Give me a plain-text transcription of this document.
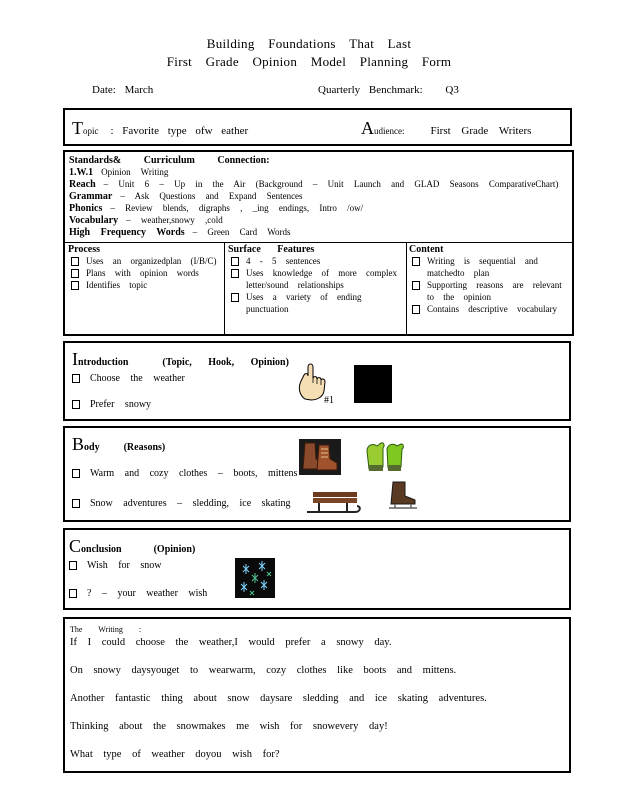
Building Foundations That Last
First Grade Opinion Model Planning Form
Date: March	Quarterly Benchmark: Q3
Topic : Favorite type ofw eather	Audience: First Grade Writers
Standards& Curriculum Connection:
1.W.1 Opinion Writing
Reach – Unit 6 – Up in the Air (Background – Unit Launch and GLAD Seasons ComparativeChart)
Grammar – Ask Questions and Expand Sentences
Phonics – Review blends, digraphs , _ing endings, Intro /ow/
Vocabulary – weather,snowy ,cold
High Frequency Words – Green Card Words
Process
Uses an organizedplan (I/B/C)
Plans with opinion words
Identifies topic
Surface Features
4 - 5 sentences
Uses knowledge of more complex letter/sound relationships
Uses a variety of ending punctuation
Content
Writing is sequential and matchedto plan
Supporting reasons are relevant to the opinion
Contains descriptive vocabulary
Introduction	(Topic, Hook, Opinion)
Choose the weather
Prefer snowy	#1
Body (Reasons)
Warm and cozy clothes – boots, mittens
Snow adventures – sledding, ice skating
Conclusion	(Opinion)
Wish for snow
? – your weather wish
The Writing :
If I could choose the weather,I would prefer a snowy day.
On snowy daysyouget to wearwarm, cozy clothes like boots and mittens.
Another fantastic thing about snow daysare sledding and ice skating adventures.
Thinking about the snowmakes me wish for snowevery day!
What type of weather doyou wish for?
